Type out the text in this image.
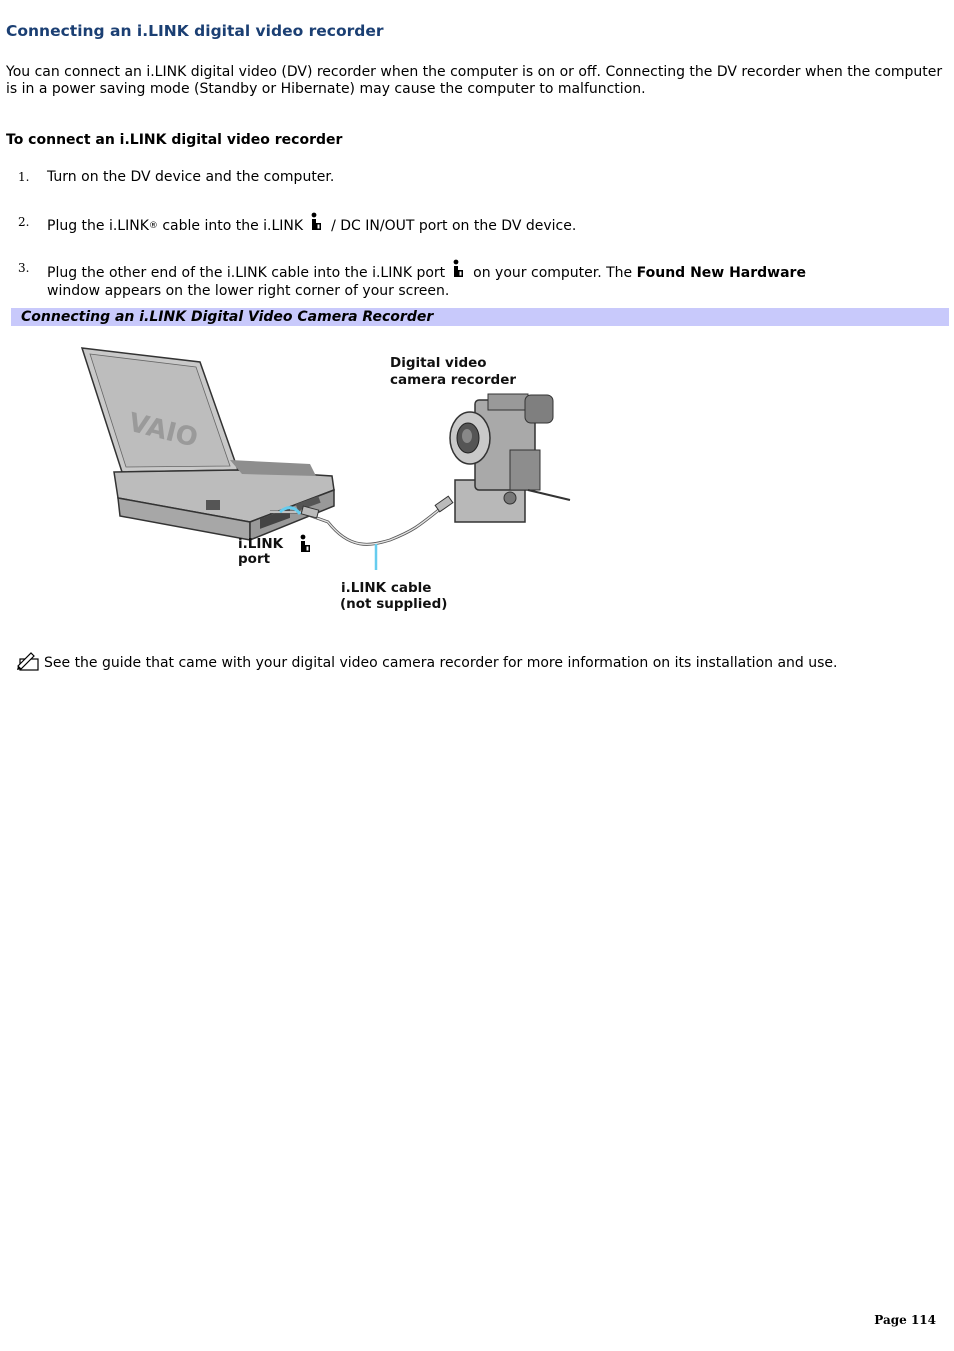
Connecting an i.LINK digital video recorder

You can connect an i.LINK digital video (DV) recorder when the computer is on or off. Connecting the DV recorder when the computer is in a power saving mode (Standby or Hibernate) may cause the computer to malfunction.

To connect an i.LINK digital video recorder

1. Turn on the DV device and the computer.
2. Plug the i.LINK® cable into the i.LINK / DC IN/OUT port on the DV device.
3. Plug the other end of the i.LINK cable into the i.LINK port on your computer. The Found New Hardware
window appears on the lower right corner of your screen.
Connecting an i.LINK Digital Video Camera Recorder
VAIO
Digital video
camera recorder
i.LINK
port
i.LINK cable
(not supplied)
See the guide that came with your digital video camera recorder for more information on its installation and use.
Page 114
